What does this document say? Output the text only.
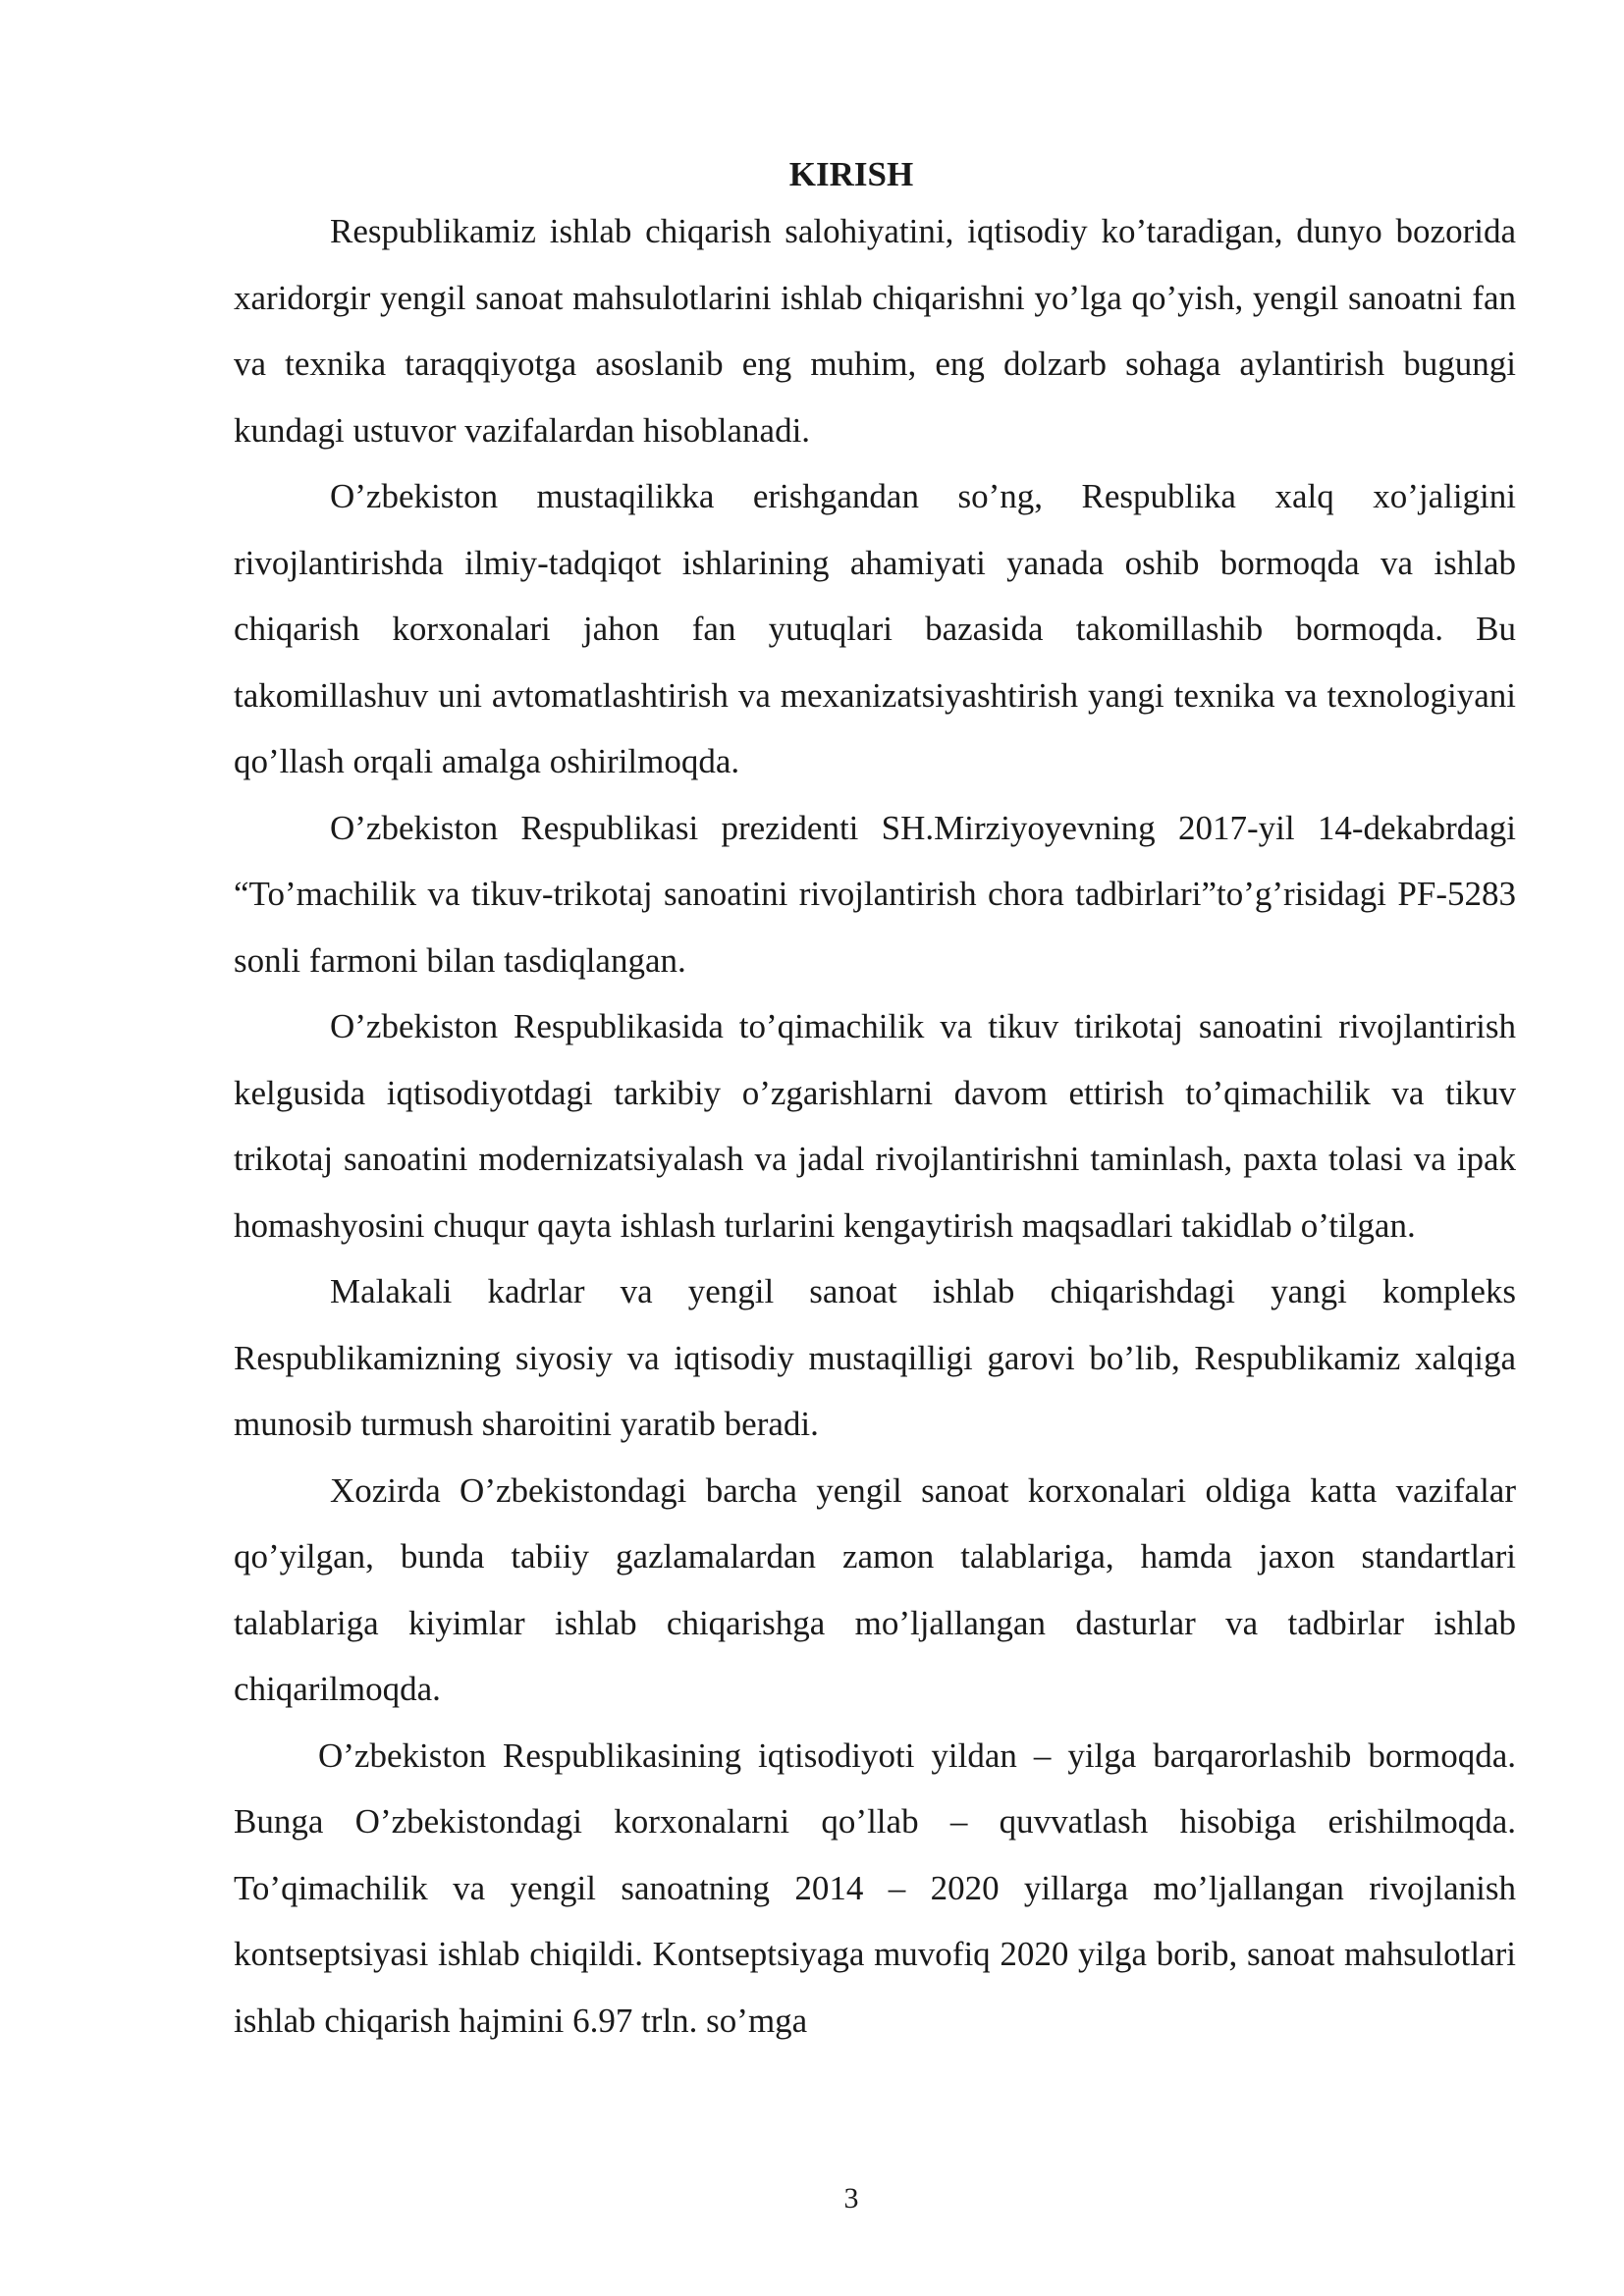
KIRISH

Respublikamiz ishlab chiqarish salohiyatini, iqtisodiy ko’taradigan, dunyo bozorida xaridorgir yengil sanoat mahsulotlarini ishlab chiqarishni yo’lga qo’yish, yengil sanoatni fan va texnika taraqqiyotga asoslanib eng muhim, eng dolzarb sohaga aylantirish bugungi kundagi ustuvor vazifalardan hisoblanadi.

O’zbekiston mustaqilikka erishgandan so’ng, Respublika xalq xo’jaligini rivojlantirishda ilmiy-tadqiqot ishlarining ahamiyati yanada oshib bormoqda va ishlab chiqarish korxonalari jahon fan yutuqlari bazasida takomillashib bormoqda. Bu takomillashuv uni avtomatlashtirish va mexanizatsiyashtirish yangi texnika va texnologiyani qo’llash orqali amalga oshirilmoqda.

O’zbekiston Respublikasi prezidenti SH.Mirziyoyevning 2017-yil 14-dekabrdagi “To’machilik va tikuv-trikotaj sanoatini rivojlantirish chora tadbirlari”to’g’risidagi PF-5283 sonli farmoni bilan tasdiqlangan.

O’zbekiston Respublikasida to’qimachilik va tikuv tirikotaj sanoatini rivojlantirish kelgusida iqtisodiyotdagi tarkibiy o’zgarishlarni davom ettirish to’qimachilik va tikuv trikotaj sanoatini modernizatsiyalash va jadal rivojlantirishni taminlash, paxta tolasi va ipak homashyosini chuqur qayta ishlash turlarini kengaytirish maqsadlari takidlab o’tilgan.

Malakali kadrlar va yengil sanoat ishlab chiqarishdagi yangi kompleks Respublikamizning siyosiy va iqtisodiy mustaqilligi garovi bo’lib, Respublikamiz xalqiga munosib turmush sharoitini yaratib beradi.

Xozirda O’zbekistondagi barcha yengil sanoat korxonalari oldiga katta vazifalar qo’yilgan, bunda tabiiy gazlamalardan zamon talablariga, hamda jaxon standartlari talablariga kiyimlar ishlab chiqarishga mo’ljallangan dasturlar va tadbirlar ishlab chiqarilmoqda.

O’zbekiston Respublikasining iqtisodiyoti yildan – yilga barqarorlashib bormoqda. Bunga O’zbekistondagi korxonalarni qo’llab – quvvatlash hisobiga erishilmoqda. To’qimachilik va yengil sanoatning 2014 – 2020 yillarga mo’ljallangan rivojlanish kontseptsiyasi ishlab chiqildi. Kontseptsiyaga muvofiq 2020 yilga borib, sanoat mahsulotlari ishlab chiqarish hajmini 6.97 trln. so’mga

3
